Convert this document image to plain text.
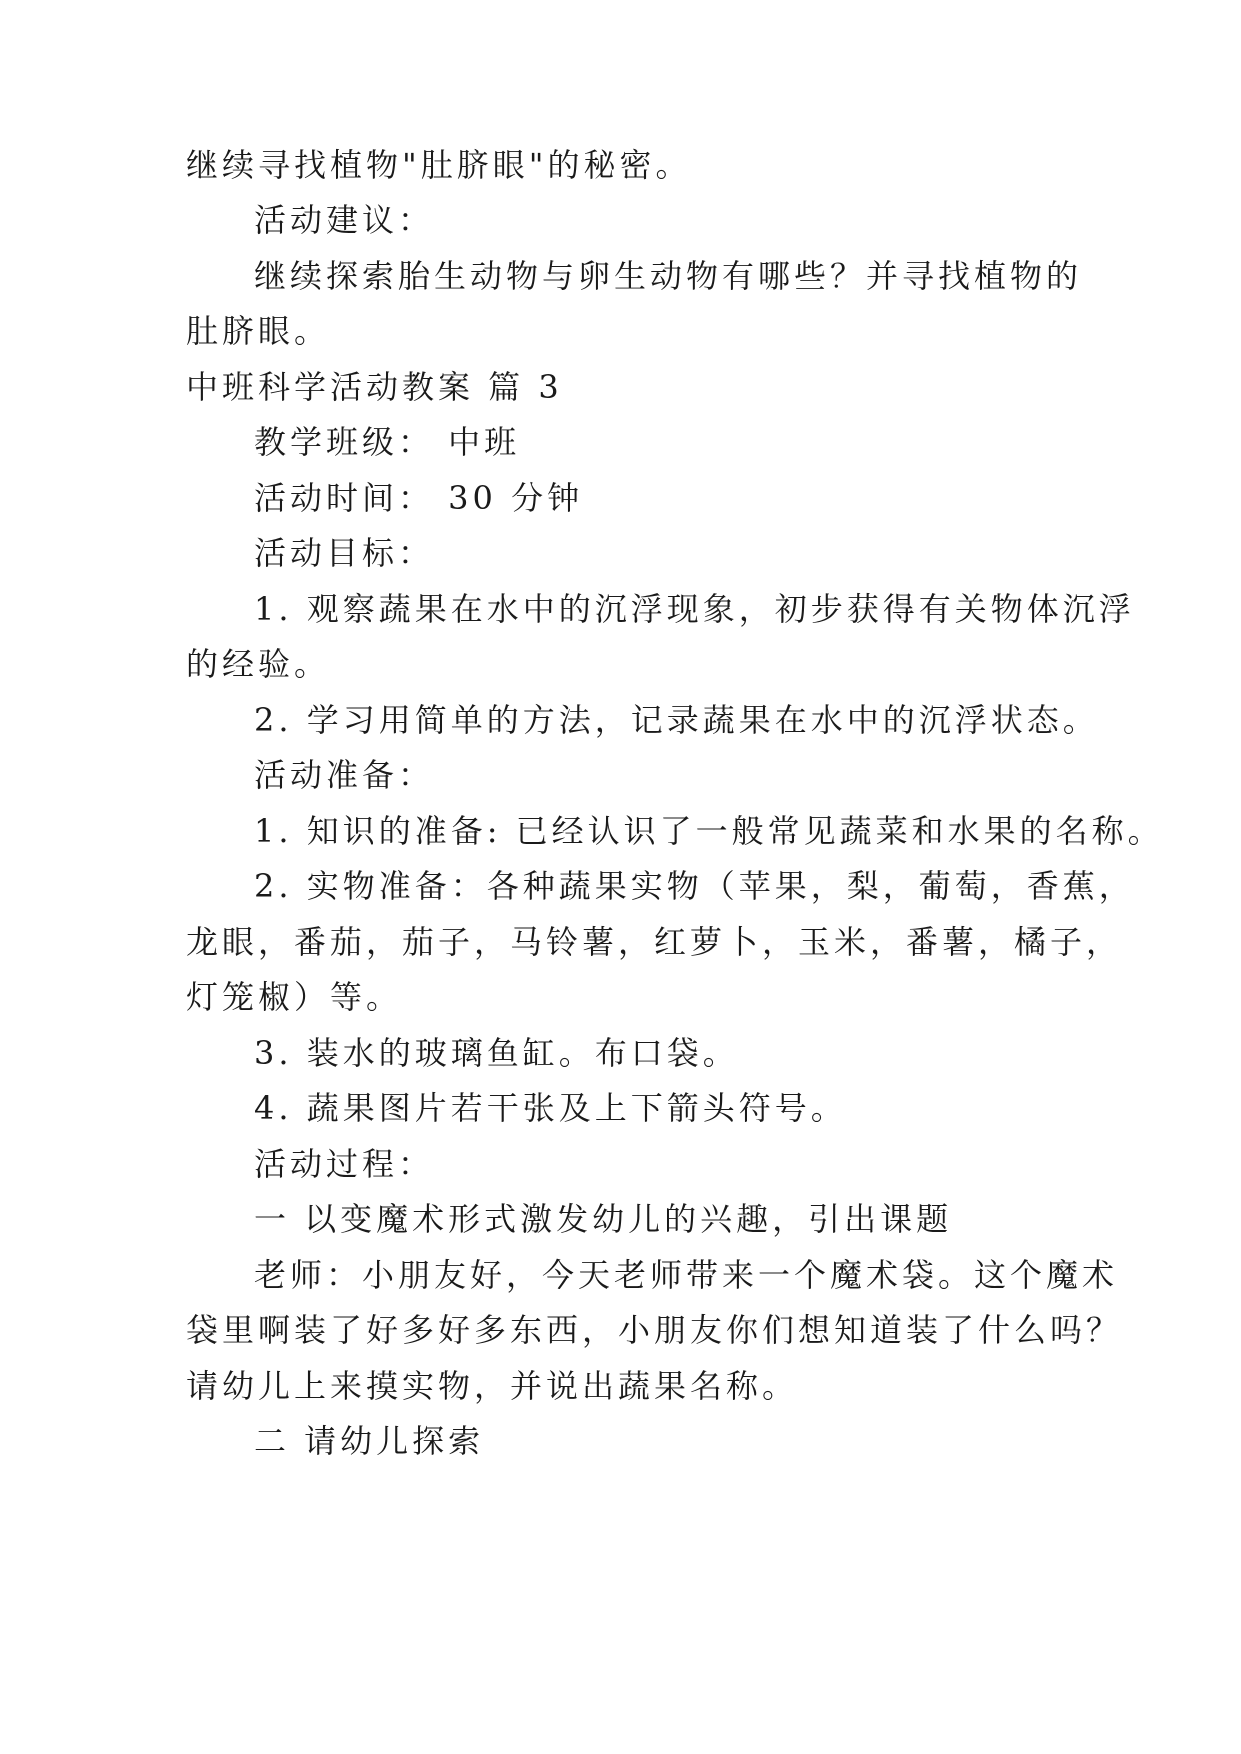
继续寻找植物"肚脐眼"的秘密。
活动建议：
继续探索胎生动物与卵生动物有哪些？并寻找植物的
肚脐眼。
中班科学活动教案 篇 3
教学班级： 中班
活动时间： 30 分钟
活动目标：
1. 观察蔬果在水中的沉浮现象，初步获得有关物体沉浮
的经验。
2. 学习用简单的方法，记录蔬果在水中的沉浮状态。
活动准备：
1. 知识的准备: 已经认识了一般常见蔬菜和水果的名称。
2. 实物准备：各种蔬果实物（苹果，梨，葡萄，香蕉，
龙眼，番茄，茄子，马铃薯，红萝卜，玉米，番薯，橘子，
灯笼椒）等。
3. 装水的玻璃鱼缸。布口袋。
4. 蔬果图片若干张及上下箭头符号。
活动过程：
一 以变魔术形式激发幼儿的兴趣，引出课题
老师：小朋友好，今天老师带来一个魔术袋。这个魔术
袋里啊装了好多好多东西，小朋友你们想知道装了什么吗？
请幼儿上来摸实物，并说出蔬果名称。
二 请幼儿探索
